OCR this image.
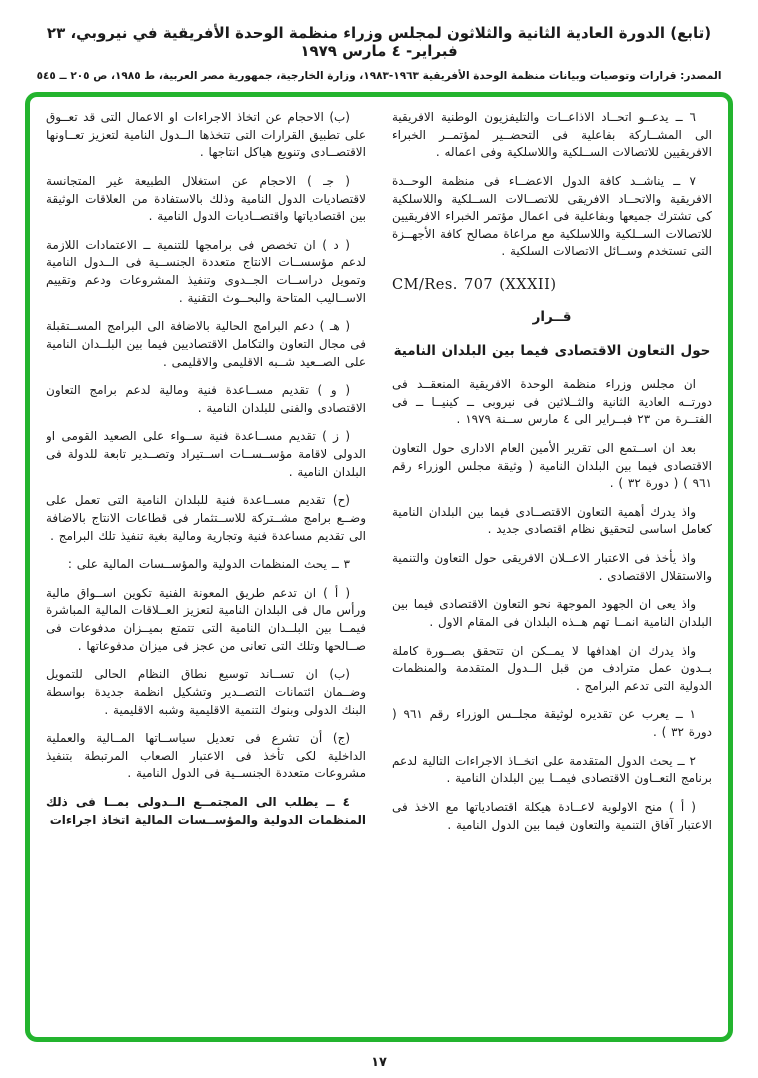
(تابع) الدورة العادية الثانية والثلاثون لمجلس وزراء منظمة الوحدة الأفريقية في نيروبي، ٢٣ فبراير- ٤ مارس ١٩٧٩
المصدر: قرارات وتوصيات وبيانات منظمة الوحدة الأفريقية ١٩٦٣-١٩٨٣، وزارة الخارجية، جمهورية مصر العربية، ط ١٩٨٥، ص ٢٠٥ ــ ٥٤٥

٦ ــ يدعــو اتحــاد الاذاعــات والتليفزيون الوطنية الافريقية الى المشــاركة بفاعلية فى التحضــير لمؤتمــر الخبراء الافريقيين للاتصالات الســلكية واللاسلكية وفى اعماله .

٧ ــ يناشــد كافة الدول الاعضــاء فى منظمة الوحــدة الافريقية والاتحــاد الافريقى للاتصــالات الســلكية واللاسلكية كى تشترك جميعها وبفاعلية فى اعمال مؤتمر الخبراء الافريقيين للاتصالات الســلكية واللاسلكية مع مراعاة مصالح كافة الأجهــزة التى تستخدم وســائل الاتصالات السلكية .

CM/Res. 707 (XXXII)

قــرار

حول التعاون الاقتصادى فيما بين البلدان النامية

ان مجلس وزراء منظمة الوحدة الافريقية المنعقــد فى دورتــه العادية الثانية والثــلاثين فى نيروبى ــ كينيــا ــ فى الفتــرة من ٢٣ فبــراير الى ٤ مارس ســنة ١٩٧٩ .

بعد ان اســتمع الى تقرير الأمين العام الادارى حول التعاون الاقتصادى فيما بين البلدان النامية ( وثيقة مجلس الوزراء رقم ٩٦١ ) ( دورة ٣٢ ) .

واذ يدرك أهمية التعاون الاقتصــادى فيما بين البلدان النامية كعامل اساسى لتحقيق نظام اقتصادى جديد .

واذ يأخذ فى الاعتبار الاعــلان الافريقى حول التعاون والتنمية والاستقلال الاقتصادى .

واذ يعى ان الجهود الموجهة نحو التعاون الاقتصادى فيما بين البلدان النامية انمــا تهم هــذه البلدان فى المقام الاول .

واذ يدرك ان اهدافها لا يمــكن ان تتحقق بصــورة كاملة بــدون عمل مترادف من قبل الــدول المتقدمة والمنظمات الدولية التى تدعم البرامج .

١ ــ يعرب عن تقديره لوثيقة مجلــس الوزراء رقم ٩٦١ ( دورة ٣٢ ) .

٢ ــ يحث الدول المتقدمة على اتخــاذ الاجراءات التالية لدعم برنامج التعــاون الاقتصادى فيمــا بين البلدان النامية .

( أ ) منح الاولوية لاعــادة هيكلة اقتصادياتها مع الاخذ فى الاعتبار آفاق التنمية والتعاون فيما بين الدول النامية .

(ب) الاحجام عن اتخاذ الاجراءات او الاعمال التى قد تعــوق على تطبيق القرارات التى تتخذها الــدول النامية لتعزيز تعــاونها الاقتصــادى وتنويع هياكل انتاجها .

( جـ ) الاحجام عن استغلال الطبيعة غير المتجانسة لاقتصاديات الدول النامية وذلك بالاستفادة من العلاقات الوثيقة بين اقتصادياتها واقتصــاديات الدول النامية .

( د ) ان تخصص فى برامجها للتنمية ــ الاعتمادات اللازمة لدعم مؤسســات الانتاج متعددة الجنســية فى الــدول النامية وتمويل دراســات الجــدوى وتنفيذ المشروعات ودعم وتقييم الاســاليب المتاحة والبحــوث التقنية .

( هـ ) دعم البرامج الحالية بالاضافة الى البرامج المســتقبلة فى مجال التعاون والتكامل الاقتصاديين فيما بين البلــدان النامية على الصــعيد شــبه الاقليمى والاقليمى .

( و ) تقديم مســاعدة فنية ومالية لدعم برامج التعاون الاقتصادى والفنى للبلدان النامية .

( ز ) تقديم مســاعدة فنية ســواء على الصعيد القومى او الدولى لاقامة مؤســســات اســتيراد وتصــدير تابعة للدولة فى البلدان النامية .

(ح) تقديم مســاعدة فنية للبلدان النامية التى تعمل على وضــع برامج مشــتركة للاســتثمار فى قطاعات الانتاج بالاضافة الى تقديم مساعدة فنية وتجارية ومالية بغية تنفيذ تلك البرامج .

٣ ــ يحث المنظمات الدولية والمؤســسات المالية على :

( أ ) ان تدعم طريق المعونة الفنية تكوين اســواق مالية ورأس مال فى البلدان النامية لتعزيز العــلاقات المالية المباشرة فيمــا بين البلــدان النامية التى تتمتع بميــزان مدفوعات فى صــالحها وتلك التى تعانى من عجز فى ميزان مدفوعاتها .

(ب) ان تســاند توسيع نطاق النظام الحالى للتمويل وضــمان ائتمانات التصــدير وتشكيل انظمة جديدة بواسطة البنك الدولى وبنوك التنمية الاقليمية وشبه الاقليمية .

(ج) أن تشرع فى تعديل سياســاتها المــالية والعملية الداخلية لكى تأخذ فى الاعتبار الصعاب المرتبطة بتنفيذ مشروعات متعددة الجنســية فى الدول النامية .

٤ ــ يطلب الى المجتمــع الــدولى بمــا فى ذلك المنظمات الدولية والمؤســسات المالية اتخاذ اجراءات

١٧
